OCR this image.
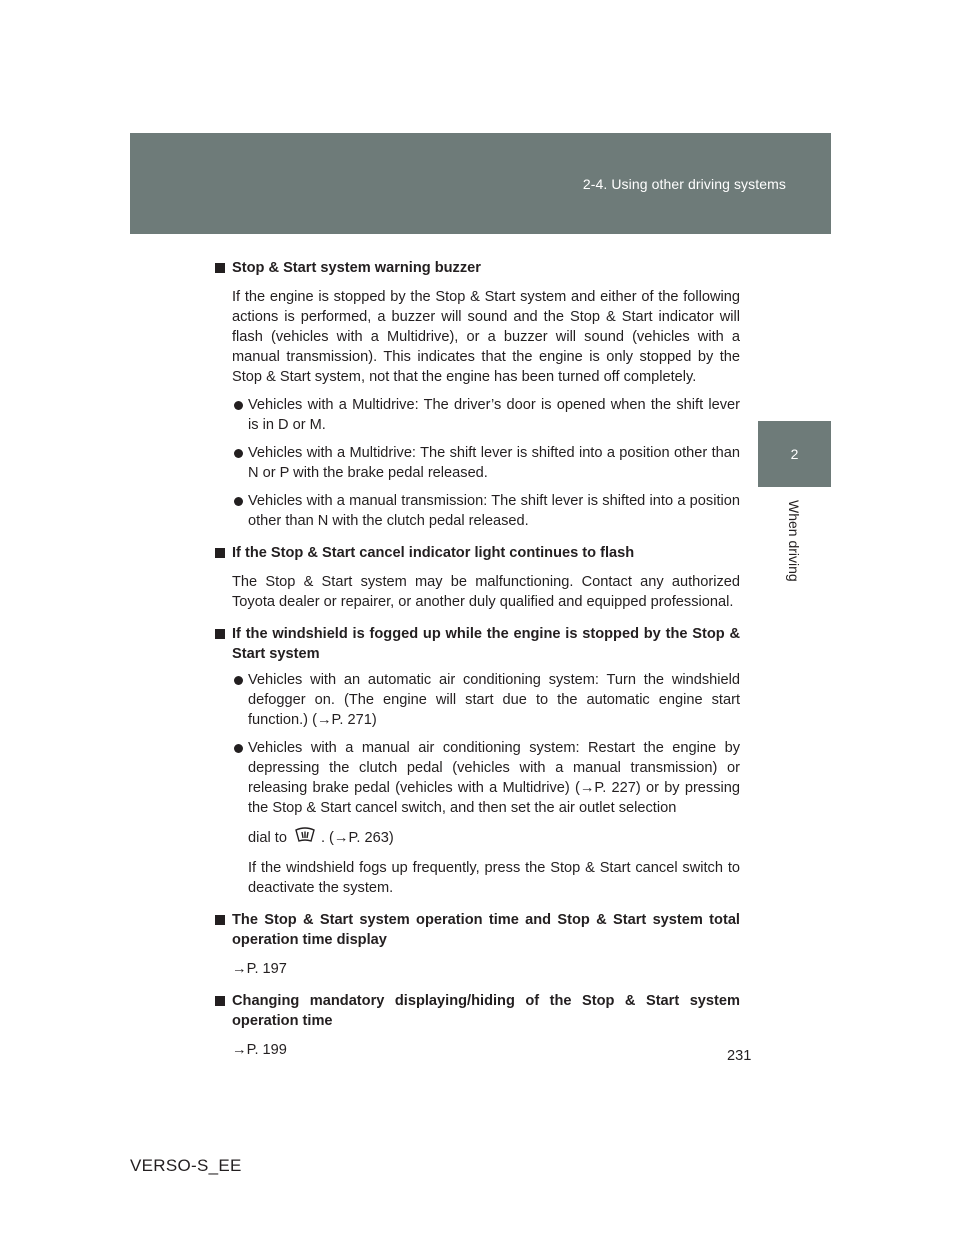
2-4. Using other driving systems
2
When driving

Stop & Start system warning buzzer

If the engine is stopped by the Stop & Start system and either of the following actions is performed, a buzzer will sound and the Stop & Start indicator will flash (vehicles with a Multidrive), or a buzzer will sound (vehicles with a manual transmission). This indicates that the engine is only stopped by the Stop & Start system, not that the engine has been turned off completely.

Vehicles with a Multidrive: The driver’s door is opened when the shift lever is in D or M.

Vehicles with a Multidrive: The shift lever is shifted into a position other than N or P with the brake pedal released.

Vehicles with a manual transmission: The shift lever is shifted into a position other than N with the clutch pedal released.

If the Stop & Start cancel indicator light continues to flash

The Stop & Start system may be malfunctioning. Contact any authorized Toyota dealer or repairer, or another duly qualified and equipped professional.

If the windshield is fogged up while the engine is stopped by the Stop & Start system

Vehicles with an automatic air conditioning system: Turn the windshield defogger on. (The engine will start due to the automatic engine start function.) (→P. 271)

Vehicles with a manual air conditioning system: Restart the engine by depressing the clutch pedal (vehicles with a manual transmission) or releasing brake pedal (vehicles with a Multidrive) (→P. 227) or by pressing the Stop & Start cancel switch, and then set the air outlet selection

dial to . (→P. 263)

If the windshield fogs up frequently, press the Stop & Start cancel switch to deactivate the system.

The Stop & Start system operation time and Stop & Start system total operation time display

→P. 197

Changing mandatory displaying/hiding of the Stop & Start system operation time

→P. 199	231
VERSO-S_EE
